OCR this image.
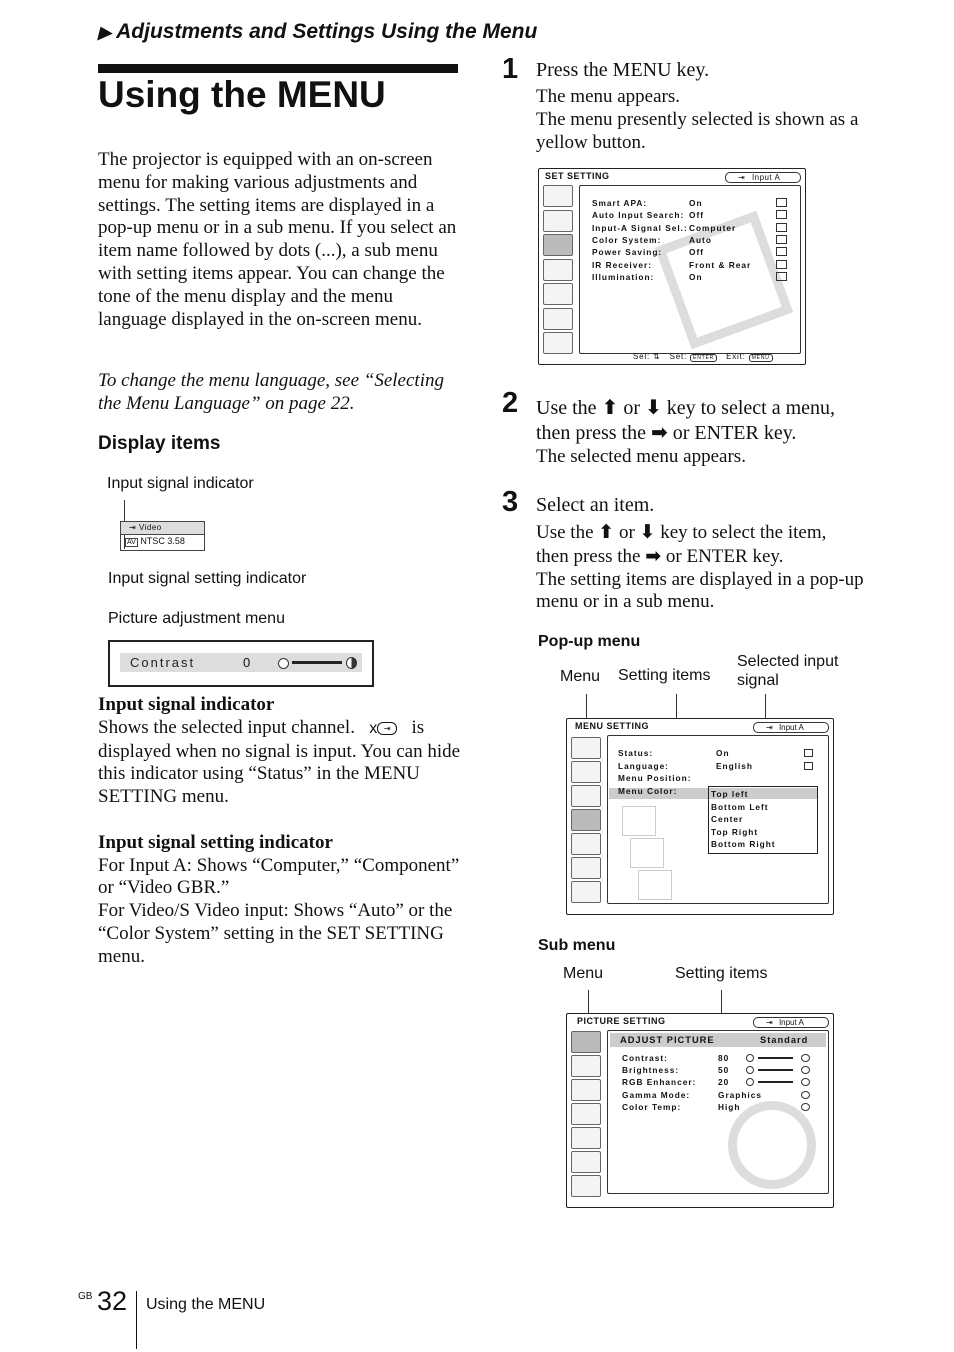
▶ Adjustments and Settings Using the Menu
Using the MENU
The projector is equipped with an on-screen menu for making various adjustments and settings. The setting items are displayed in a pop-up menu or in a sub menu. If you select an item name followed by dots (...), a sub menu with setting items appear. You can change the tone of the menu display and the menu language displayed in the on-screen menu.
To change the menu language, see “Selecting the Menu Language” on page 22.
Display items
Input signal indicator
⇥ Video
AV NTSC 3.58
Input signal setting indicator
Picture adjustment menu
Contrast	0
Input signal indicator
Shows the selected input channel. x ⇥ is
displayed when no signal is input. You can hide this indicator using “Status” in the MENU SETTING menu.
Input signal setting indicator
For Input A: Shows “Computer,” “Component” or “Video GBR.”
For Video/S Video input: Shows “Auto” or the “Color System” setting in the SET SETTING menu.
1 Press the MENU key.
The menu appears.
The menu presently selected is shown as a yellow button.
SET SETTING	⇥ Input A
Smart APA:	On
Auto Input Search: Off
Input-A Signal Sel.: Computer
Color System:	Auto
Power Saving:	Off
IR Receiver:	Front & Rear
Illumination:	On
Sel: ⇅ Set: ENTER Exit: MENU
2 Use the ⬆ or ⬇ key to select a menu,
then press the ➡ or ENTER key.
The selected menu appears.
3 Select an item.
Use the ⬆ or ⬇ key to select the item,
then press the ➡ or ENTER key.
The setting items are displayed in a pop-up menu or in a sub menu.
Pop-up menu
Menu Setting items
Selected input signal
MENU SETTING	⇥ Input A
Status:	On
Language:	English
Menu Position:
Menu Color:	Top left
Bottom Left
Center
Top Right
Bottom Right
Sub menu
Menu	Setting items
PICTURE SETTING	⇥ Input A
ADJUST PICTURE	Standard
Contrast:	80
Brightness:	50
RGB Enhancer:	20
Gamma Mode:	Graphics
Color Temp:	High
GB 32 Using the MENU
